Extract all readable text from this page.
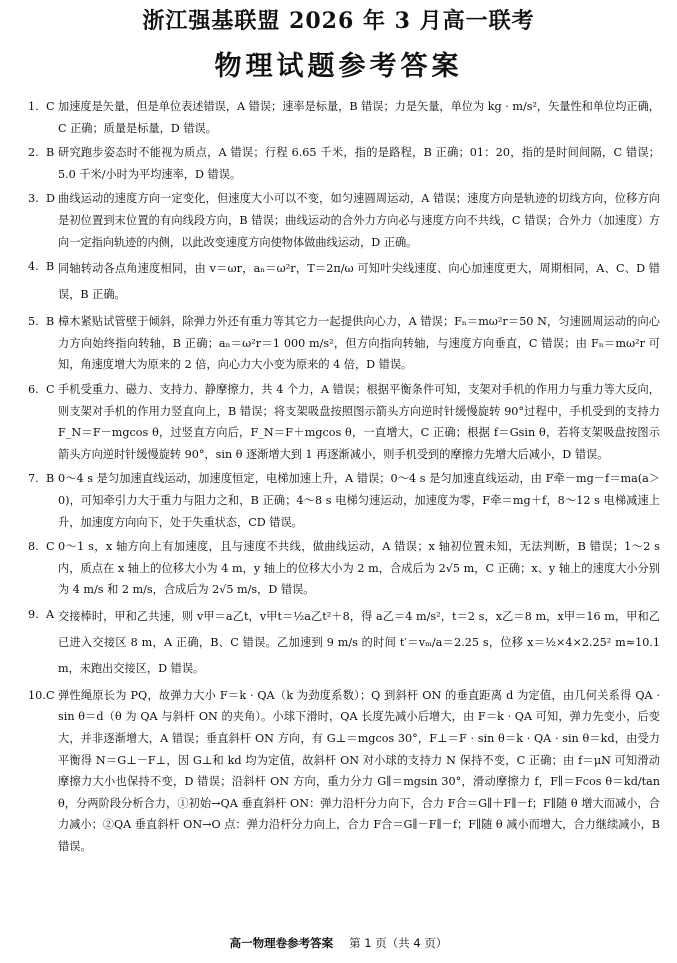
浙江强基联盟 2026 年 3 月高一联考
物理试题参考答案
1. C 加速度是矢量，但是单位表述错误，A 错误；速率是标量，B 错误；力是矢量，单位为 kg · m/s²，矢量性和单位均正确，C 正确；质量是标量，D 错误。
2. B 研究跑步姿态时不能视为质点，A 错误；行程 6.65 千米，指的是路程，B 正确；01：20，指的是时间间隔，C 错误；5.0 千米/小时为平均速率，D 错误。
3. D 曲线运动的速度方向一定变化，但速度大小可以不变，如匀速圆周运动，A 错误；速度方向是轨迹的切线方向，位移方向是初位置到末位置的有向线段方向，B 错误；曲线运动的合外力方向必与速度方向不共线，C 错误；合外力（加速度）方向一定指向轨迹的内侧，以此改变速度方向使物体做曲线运动，D 正确。
4. B 同轴转动各点角速度相同，由 v＝ωr，aₙ＝ω²r，T＝2π/ω 可知叶尖线速度、向心加速度更大，周期相同，A、C、D 错误，B 正确。
5. B 樟木紧贴试管壁于倾斜，除弹力外还有重力等其它力一起提供向心力，A 错误；Fₙ＝mω²r＝50 N，匀速圆周运动的向心力方向始终指向转轴，B 正确；aₙ＝ω²r＝1 000 m/s²，但方向指向转轴，与速度方向垂直，C 错误；由 Fₙ＝mω²r 可知，角速度增大为原来的 2 倍，向心力大小变为原来的 4 倍，D 错误。
6. C 手机受重力、磁力、支持力、静摩擦力，共 4 个力，A 错误；根据平衡条件可知，支架对手机的作用力与重力等大反向，则支架对手机的作用力竖直向上，B 错误；将支架吸盘按照图示箭头方向逆时针缓慢旋转 90°过程中，手机受到的支持力 F_N＝F－mgcos θ，过竖直方向后，F_N＝F＋mgcos θ，一直增大，C 正确；根据 f＝Gsin θ，若将支架吸盘按图示箭头方向逆时针缓慢旋转 90°，sin θ 逐渐增大到 1 再逐渐减小，则手机受到的摩擦力先增大后减小，D 错误。
7. B 0～4 s 是匀加速直线运动，加速度恒定，电梯加速上升，A 错误；0～4 s 是匀加速直线运动，由 F牵－mg－f＝ma(a＞0)，可知牵引力大于重力与阻力之和，B 正确；4～8 s 电梯匀速运动，加速度为零，F牵＝mg＋f，8～12 s 电梯减速上升，加速度方向向下，处于失重状态，CD 错误。
8. C 0～1 s，x 轴方向上有加速度，且与速度不共线，做曲线运动，A 错误；x 轴初位置未知，无法判断，B 错误；1～2 s 内，质点在 x 轴上的位移大小为 4 m，y 轴上的位移大小为 2 m，合成后为 2√5 m，C 正确；x、y 轴上的速度大小分别为 4 m/s 和 2 m/s，合成后为 2√5 m/s，D 错误。
9. A 交接棒时，甲和乙共速，则 v甲＝a乙t，v甲t＝½a乙t²＋8，得 a乙＝4 m/s²，t＝2 s，x乙＝8 m，x甲＝16 m，甲和乙已进入交接区 8 m，A 正确，B、C 错误。乙加速到 9 m/s 的时间 t′＝vₘ/a＝2.25 s，位移 x＝½×4×2.25² m≈10.1 m，未跑出交接区，D 错误。
10. C 弹性绳原长为 PQ，故弹力大小 F＝k · QA（k 为劲度系数）；Q 到斜杆 ON 的垂直距离 d 为定值，由几何关系得 QA · sin θ＝d（θ 为 QA 与斜杆 ON 的夹角）。小球下滑时，QA 长度先减小后增大，由 F＝k · QA 可知，弹力先变小，后变大，并非逐渐增大，A 错误；垂直斜杆 ON 方向，有 G⊥＝mgcos 30°，F⊥＝F · sin θ＝k · QA · sin θ＝kd，由受力平衡得 N＝G⊥－F⊥，因 G⊥和 kd 均为定值，故斜杆 ON 对小球的支持力 N 保持不变，C 正确；由 f＝μN 可知滑动摩擦力大小也保持不变，D 错误；沿斜杆 ON 方向，重力分力 G∥＝mgsin 30°，滑动摩擦力 f，F∥＝Fcos θ＝kd/tan θ，分两阶段分析合力，①初始→QA 垂直斜杆 ON：弹力沿杆分力向下，合力 F合＝G∥＋F∥－f；F∥随 θ 增大而减小，合力减小；②QA 垂直斜杆 ON→O 点：弹力沿杆分力向上，合力 F合＝G∥－F∥－f；F∥随 θ 减小而增大，合力继续减小，B 错误。
高一物理卷参考答案 第 1 页（共 4 页）
